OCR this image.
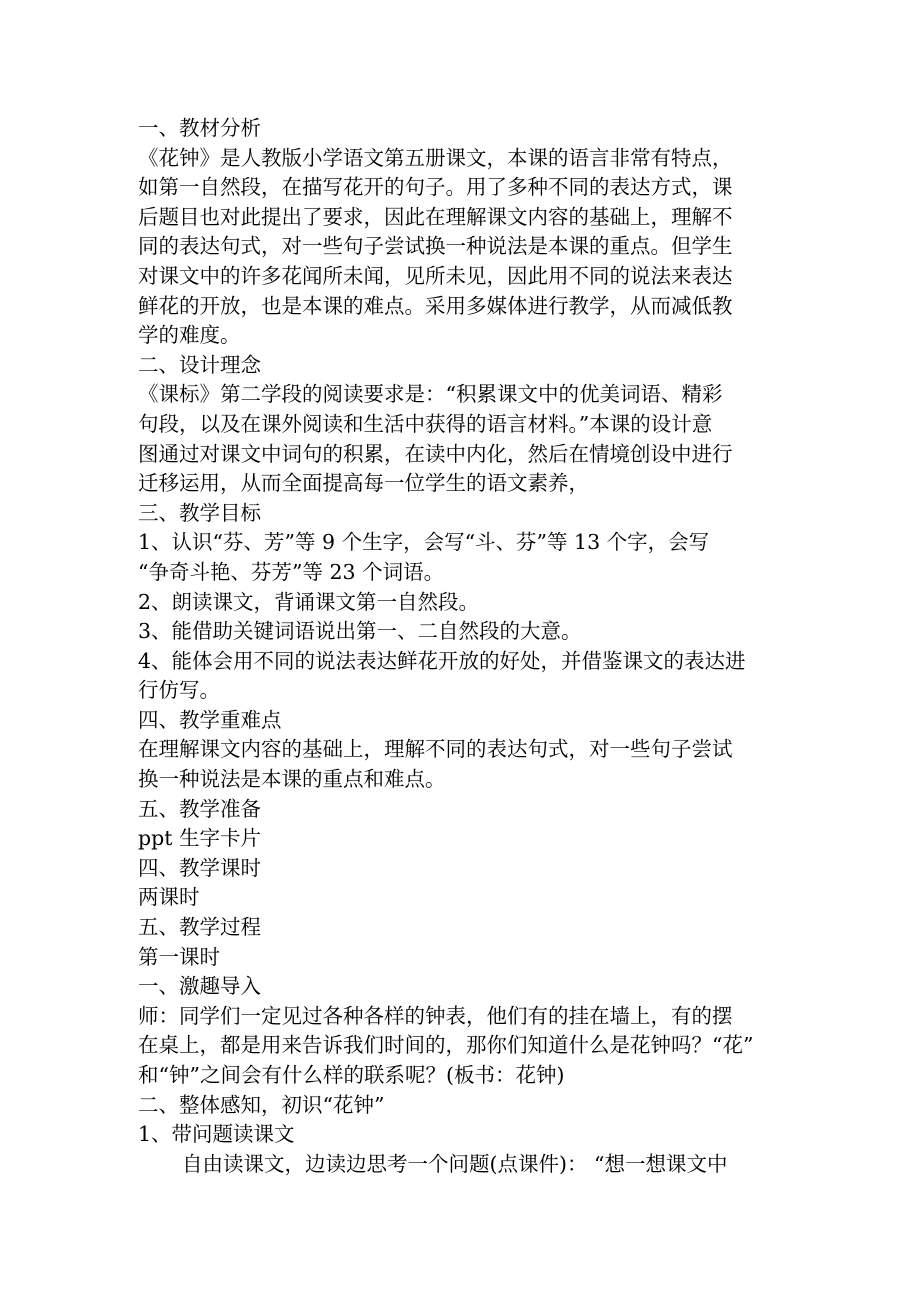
一、教材分析
《花钟》是人教版小学语文第五册课文，本课的语言非常有特点，
如第一自然段，在描写花开的句子。用了多种不同的表达方式，课
后题目也对此提出了要求，因此在理解课文内容的基础上，理解不
同的表达句式，对一些句子尝试换一种说法是本课的重点。但学生
对课文中的许多花闻所未闻，见所未见，因此用不同的说法来表达
鲜花的开放，也是本课的难点。采用多媒体进行教学，从而减低教
学的难度。
二、设计理念
《课标》第二学段的阅读要求是：“积累课文中的优美词语、精彩
句段，以及在课外阅读和生活中获得的语言材料。”本课的设计意
图通过对课文中词句的积累，在读中内化，然后在情境创设中进行
迁移运用，从而全面提高每一位学生的语文素养，
三、教学目标
1、认识“芬、芳”等 9 个生字，会写“斗、芬”等 13 个字，会写
“争奇斗艳、芬芳”等 23 个词语。
2、朗读课文，背诵课文第一自然段。
3、能借助关键词语说出第一、二自然段的大意。
4、能体会用不同的说法表达鲜花开放的好处，并借鉴课文的表达进
行仿写。
四、教学重难点
在理解课文内容的基础上，理解不同的表达句式，对一些句子尝试
换一种说法是本课的重点和难点。
五、教学准备
ppt 生字卡片
四、教学课时
两课时
五、教学过程
第一课时
一、激趣导入
师：同学们一定见过各种各样的钟表，他们有的挂在墙上，有的摆
在桌上，都是用来告诉我们时间的，那你们知道什么是花钟吗？“花”
和“钟”之间会有什么样的联系呢？(板书：花钟)
二、整体感知，初识“花钟”
1、带问题读课文
自由读课文，边读边思考一个问题(点课件)： “想一想课文中
